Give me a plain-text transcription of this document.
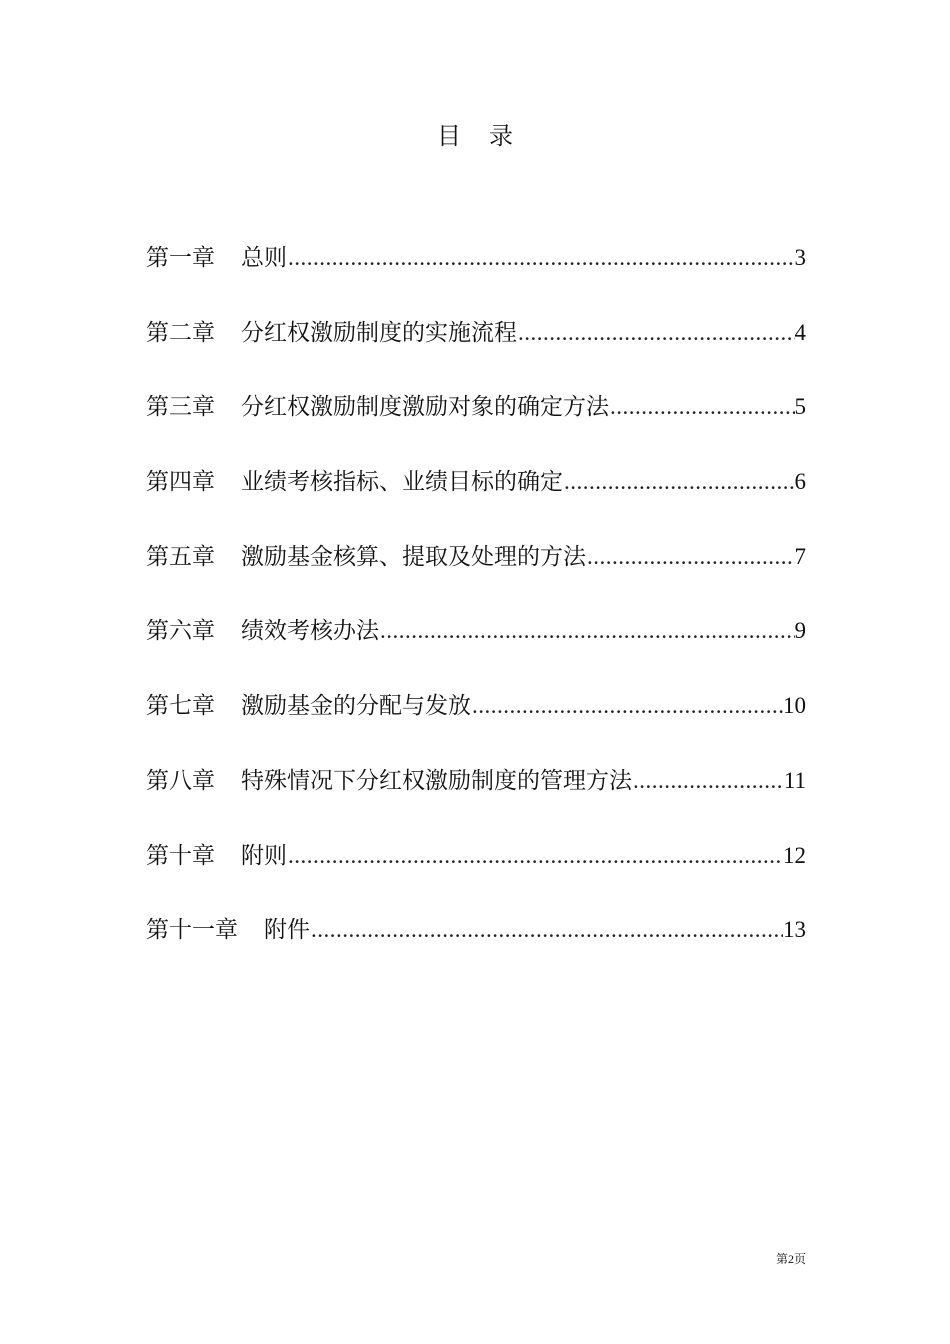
目 录
第一章 总则 .....	3
第二章 分红权激励制度的实施流程 .....	4
第三章 分红权激励制度激励对象的确定方法 .....	5
第四章 业绩考核指标、业绩目标的确定 .....	6
第五章 激励基金核算、提取及处理的方法 .....	7
第六章 绩效考核办法 .....	9
第七章 激励基金的分配与发放 .....	10
第八章 特殊情况下分红权激励制度的管理方法 .....	11
第十章 附则 .....	12
第十一章 附件 .....	13
第2页
